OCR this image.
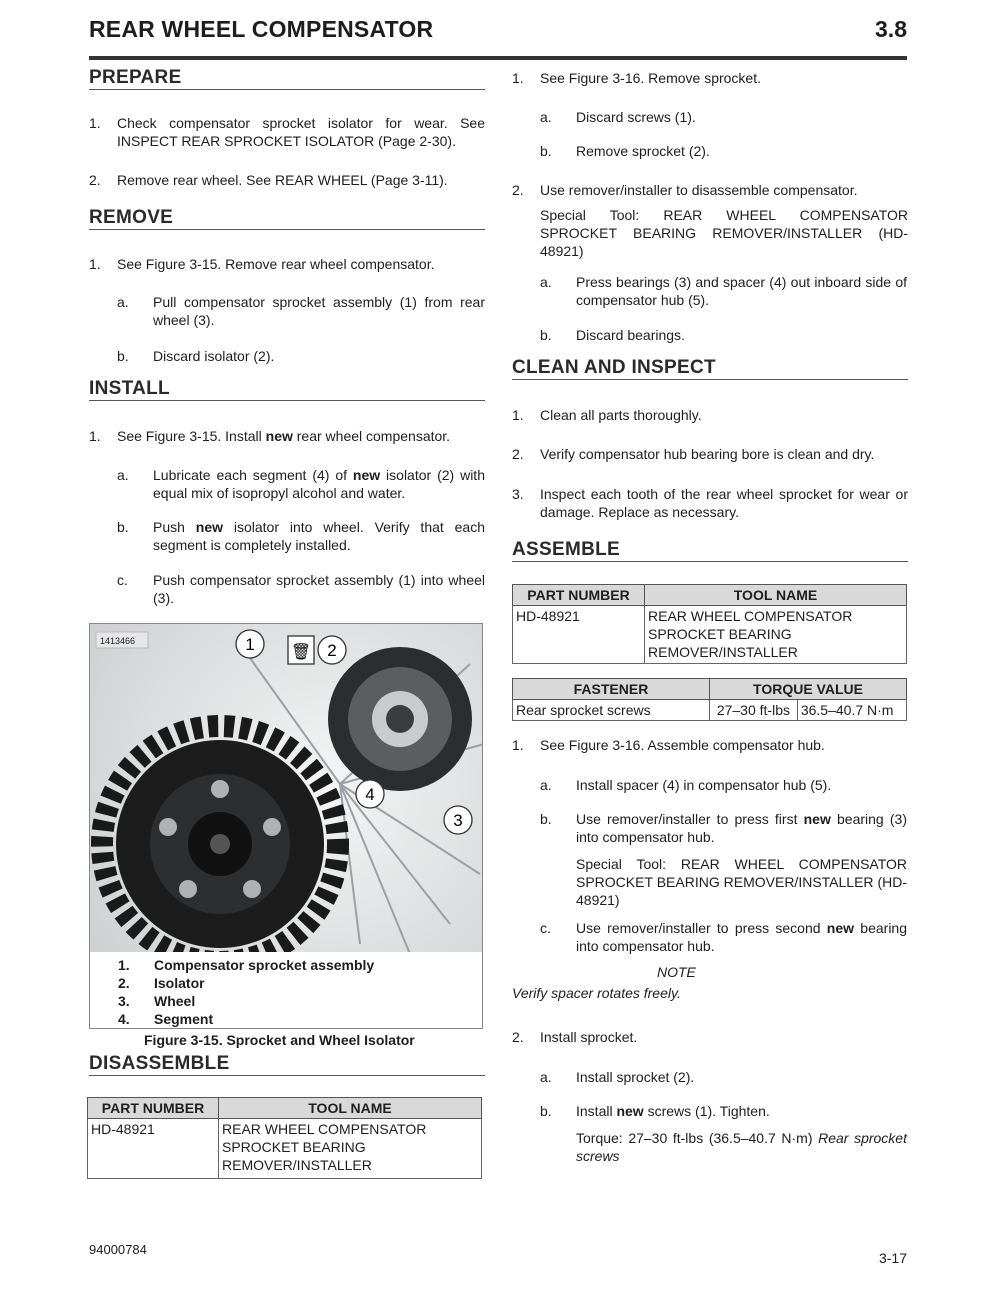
REAR WHEEL COMPENSATOR	3.8
PREPARE
1. Check compensator sprocket isolator for wear. See INSPECT REAR SPROCKET ISOLATOR (Page 2-30).
2. Remove rear wheel. See REAR WHEEL (Page 3-11).
REMOVE
1. See Figure 3-15. Remove rear wheel compensator.
a. Pull compensator sprocket assembly (1) from rear wheel (3).
b. Discard isolator (2).
INSTALL
1. See Figure 3-15. Install new rear wheel compensator.
a. Lubricate each segment (4) of new isolator (2) with equal mix of isopropyl alcohol and water.
b. Push new isolator into wheel. Verify that each segment is completely installed.
c. Push compensator sprocket assembly (1) into wheel (3).
1413466	1 🗑 2
3
4
1. Compensator sprocket assembly
2. Isolator
3. Wheel
4. Segment
Figure 3-15. Sprocket and Wheel Isolator
DISASSEMBLE
PART NUMBER	TOOL NAME
HD-48921	REAR WHEEL COMPENSATOR
SPROCKET BEARING
REMOVER/INSTALLER
1. See Figure 3-16. Remove sprocket.
a. Discard screws (1).
b. Remove sprocket (2).
2. Use remover/installer to disassemble compensator.
Special Tool: REAR WHEEL COMPENSATOR SPROCKET BEARING REMOVER/INSTALLER (HD-48921)
a. Press bearings (3) and spacer (4) out inboard side of compensator hub (5).
b. Discard bearings.
CLEAN AND INSPECT
1. Clean all parts thoroughly.
2. Verify compensator hub bearing bore is clean and dry.
3. Inspect each tooth of the rear wheel sprocket for wear or damage. Replace as necessary.
ASSEMBLE
PART NUMBER	TOOL NAME
HD-48921	REAR WHEEL COMPENSATOR
SPROCKET BEARING
REMOVER/INSTALLER
FASTENER	TORQUE VALUE	
Rear sprocket screws	27–30 ft-lbs	36.5–40.7 N·m
1. See Figure 3-16. Assemble compensator hub.
a. Install spacer (4) in compensator hub (5).
b. Use remover/installer to press first new bearing (3) into compensator hub.
Special Tool: REAR WHEEL COMPENSATOR SPROCKET BEARING REMOVER/INSTALLER (HD-48921)
c. Use remover/installer to press second new bearing into compensator hub.
NOTE
Verify spacer rotates freely.
2. Install sprocket.
a. Install sprocket (2).
b. Install new screws (1). Tighten.
Torque: 27–30 ft-lbs (36.5–40.7 N·m) Rear sprocket screws
94000784
3-17
